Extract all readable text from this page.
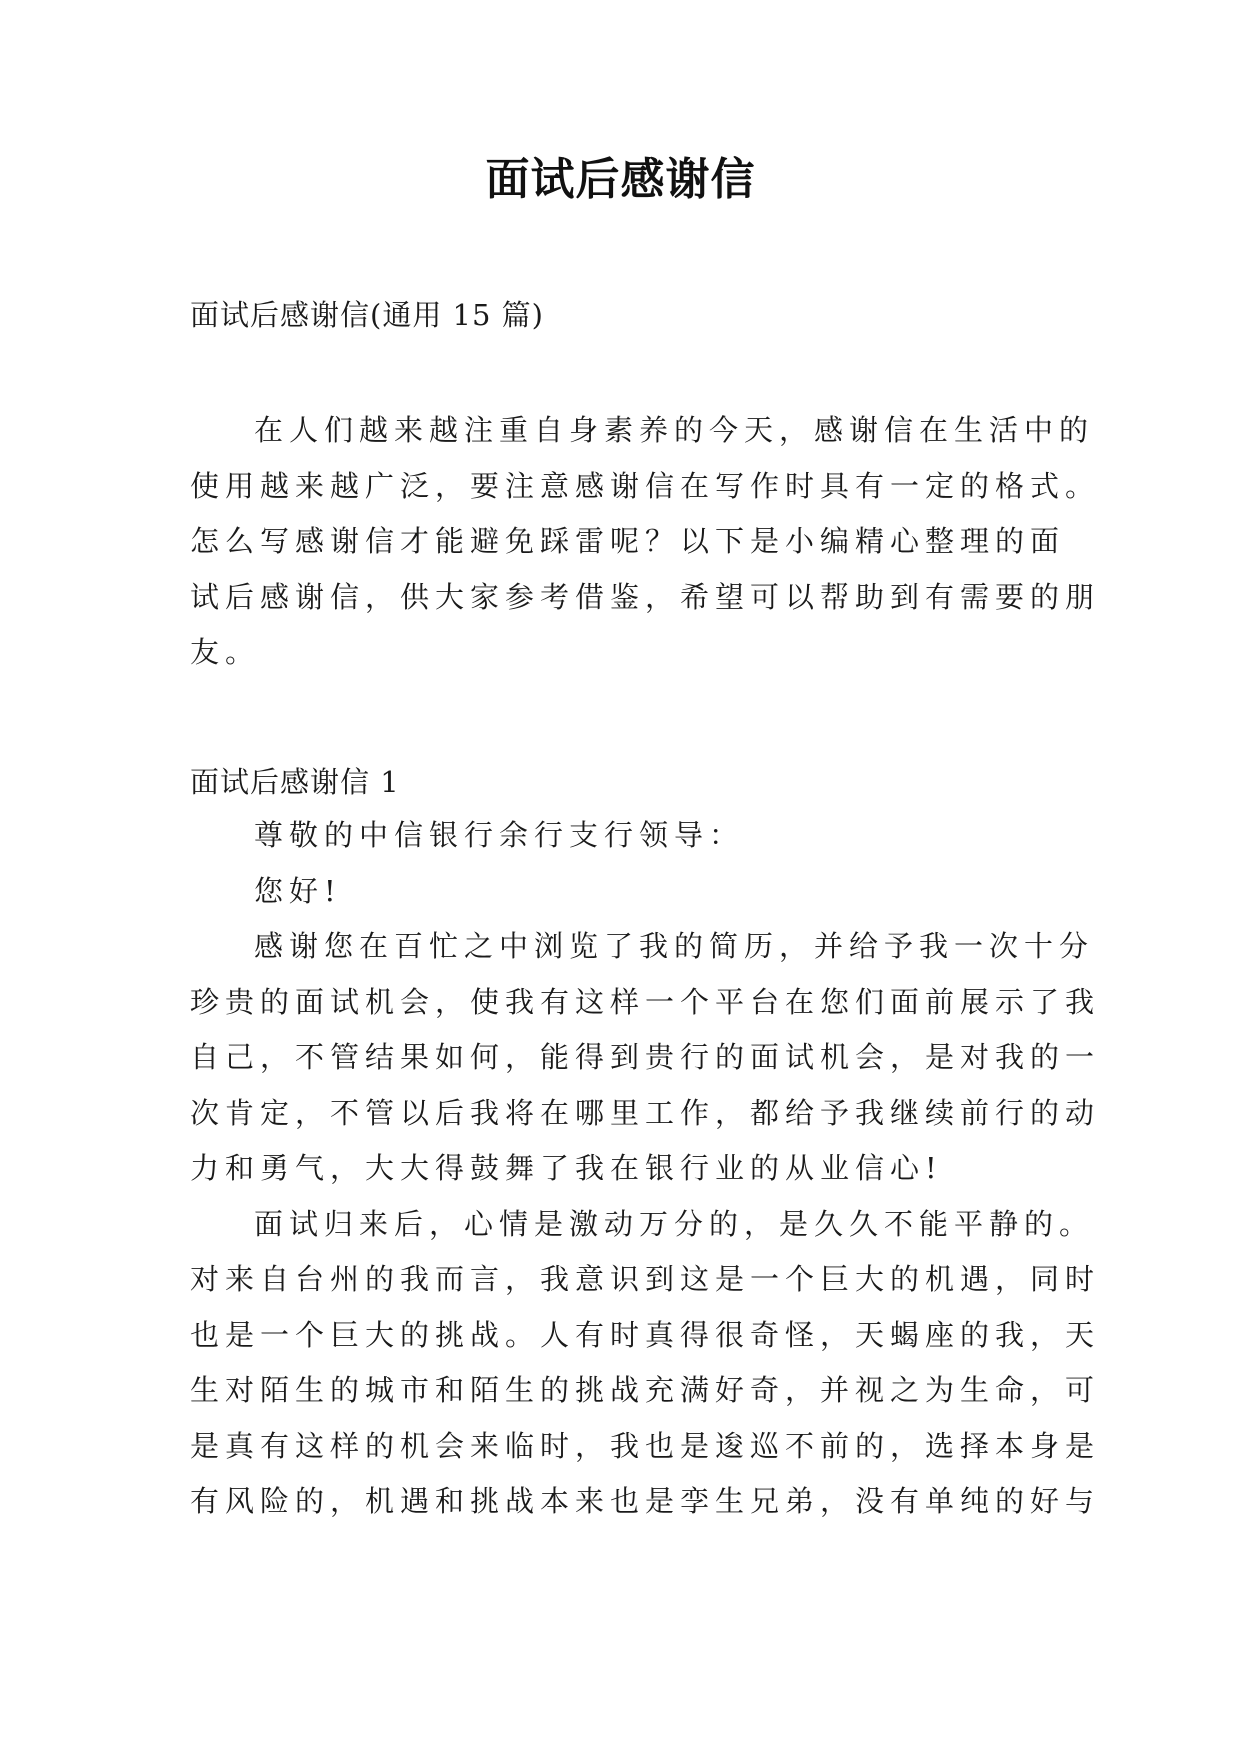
面试后感谢信
面试后感谢信(通用 15 篇)
在人们越来越注重自身素养的今天，感谢信在生活中的
使用越来越广泛，要注意感谢信在写作时具有一定的格式。
怎么写感谢信才能避免踩雷呢？以下是小编精心整理的面
试后感谢信，供大家参考借鉴，希望可以帮助到有需要的朋
友。
面试后感谢信 1
尊敬的中信银行余行支行领导：
您好!
感谢您在百忙之中浏览了我的简历，并给予我一次十分
珍贵的面试机会，使我有这样一个平台在您们面前展示了我
自己，不管结果如何，能得到贵行的面试机会，是对我的一
次肯定，不管以后我将在哪里工作，都给予我继续前行的动
力和勇气，大大得鼓舞了我在银行业的从业信心!
面试归来后，心情是激动万分的，是久久不能平静的。
对来自台州的我而言，我意识到这是一个巨大的机遇，同时
也是一个巨大的挑战。人有时真得很奇怪，天蝎座的我，天
生对陌生的城市和陌生的挑战充满好奇，并视之为生命，可
是真有这样的机会来临时，我也是逡巡不前的，选择本身是
有风险的，机遇和挑战本来也是孪生兄弟，没有单纯的好与
